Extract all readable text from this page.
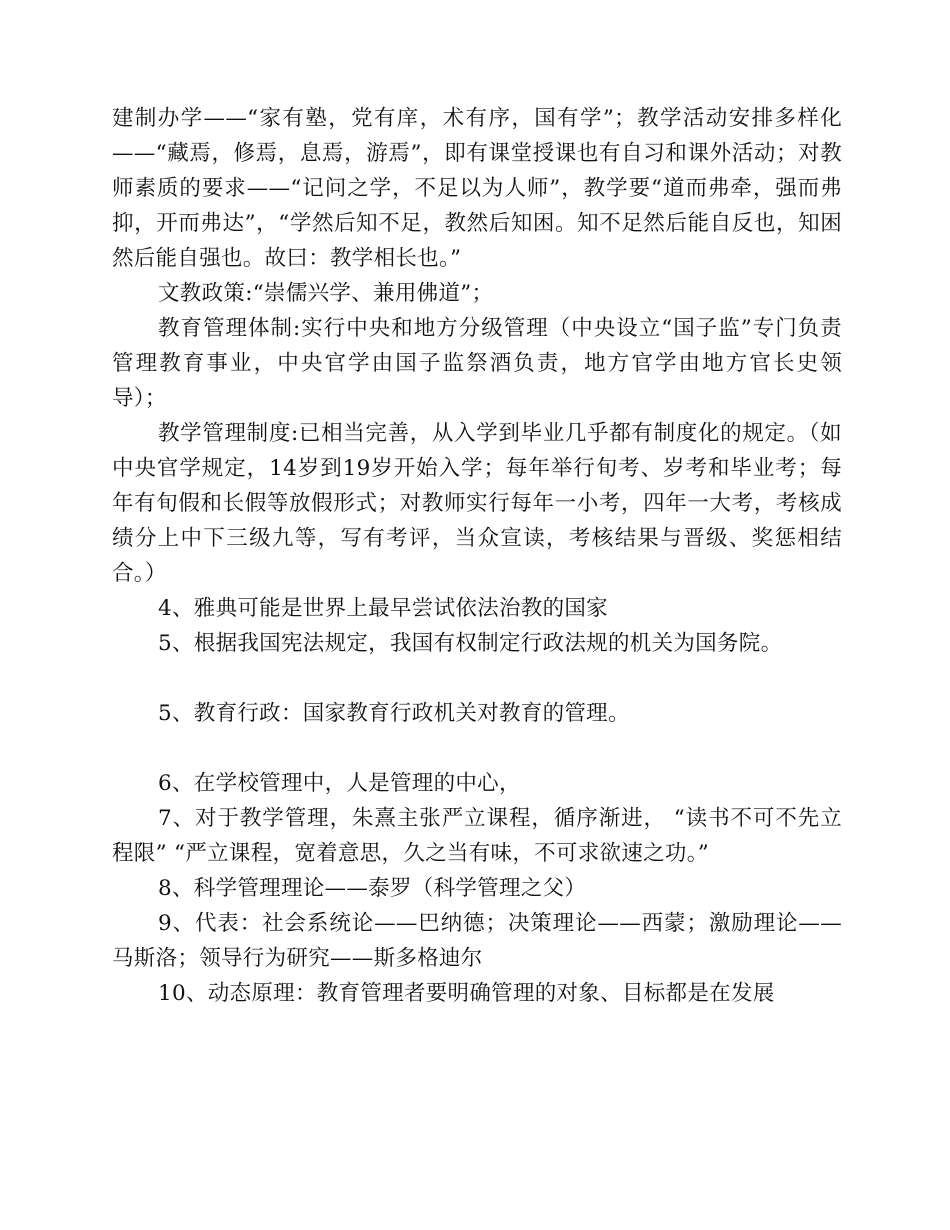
建制办学——“家有塾，党有庠，术有序，国有学”；教学活动安排多样化——“藏焉，修焉，息焉，游焉”，即有课堂授课也有自习和课外活动；对教师素质的要求——“记问之学，不足以为人师”，教学要“道而弗牵，强而弗抑，开而弗达”，“学然后知不足，教然后知困。知不足然后能自反也，知困然后能自强也。故曰：教学相长也。”

文教政策:“崇儒兴学、兼用佛道”；

教育管理体制:实行中央和地方分级管理（中央设立“国子监”专门负责管理教育事业，中央官学由国子监祭酒负责，地方官学由地方官长史领导）；

教学管理制度:已相当完善，从入学到毕业几乎都有制度化的规定。（如中央官学规定，14岁到19岁开始入学；每年举行旬考、岁考和毕业考；每年有旬假和长假等放假形式；对教师实行每年一小考，四年一大考，考核成绩分上中下三级九等，写有考评，当众宣读，考核结果与晋级、奖惩相结合。）

4、雅典可能是世界上最早尝试依法治教的国家

5、根据我国宪法规定，我国有权制定行政法规的机关为国务院。

5、教育行政：国家教育行政机关对教育的管理。

6、在学校管理中，人是管理的中心，

7、对于教学管理，朱熹主张严立课程，循序渐进， “读书不可不先立程限” “严立课程，宽着意思，久之当有味，不可求欲速之功。”

8、科学管理理论——泰罗（科学管理之父）

9、代表：社会系统论——巴纳德；决策理论——西蒙；激励理论——马斯洛；领导行为研究——斯多格迪尔

10、动态原理：教育管理者要明确管理的对象、目标都是在发展
